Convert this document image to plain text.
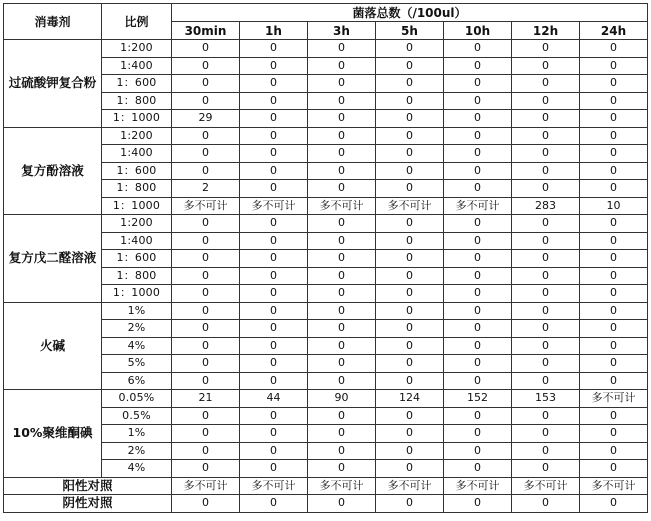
消毒剂	比例	菌落总数（/100ul）						
		30min	1h	3h	5h	10h	12h	24h
过硫酸钾复合粉	1:200	0	0	0	0	0	0	0
	1:400	0	0	0	0	0	0	0
	1：600	0	0	0	0	0	0	0
	1：800	0	0	0	0	0	0	0
	1：1000	29	0	0	0	0	0	0
复方酚溶液	1:200	0	0	0	0	0	0	0
	1:400	0	0	0	0	0	0	0
	1：600	0	0	0	0	0	0	0
	1：800	2	0	0	0	0	0	0
	1：1000	多不可计	多不可计	多不可计	多不可计	多不可计	283	10
复方戊二醛溶液	1:200	0	0	0	0	0	0	0
	1:400	0	0	0	0	0	0	0
	1：600	0	0	0	0	0	0	0
	1：800	0	0	0	0	0	0	0
	1：1000	0	0	0	0	0	0	0
火碱	1%	0	0	0	0	0	0	0
	2%	0	0	0	0	0	0	0
	4%	0	0	0	0	0	0	0
	5%	0	0	0	0	0	0	0
	6%	0	0	0	0	0	0	0
10%聚维酮碘	0.05%	21	44	90	124	152	153	多不可计
	0.5%	0	0	0	0	0	0	0
	1%	0	0	0	0	0	0	0
	2%	0	0	0	0	0	0	0
	4%	0	0	0	0	0	0	0
阳性对照		多不可计	多不可计	多不可计	多不可计	多不可计	多不可计	多不可计
阴性对照		0	0	0	0	0	0	0
